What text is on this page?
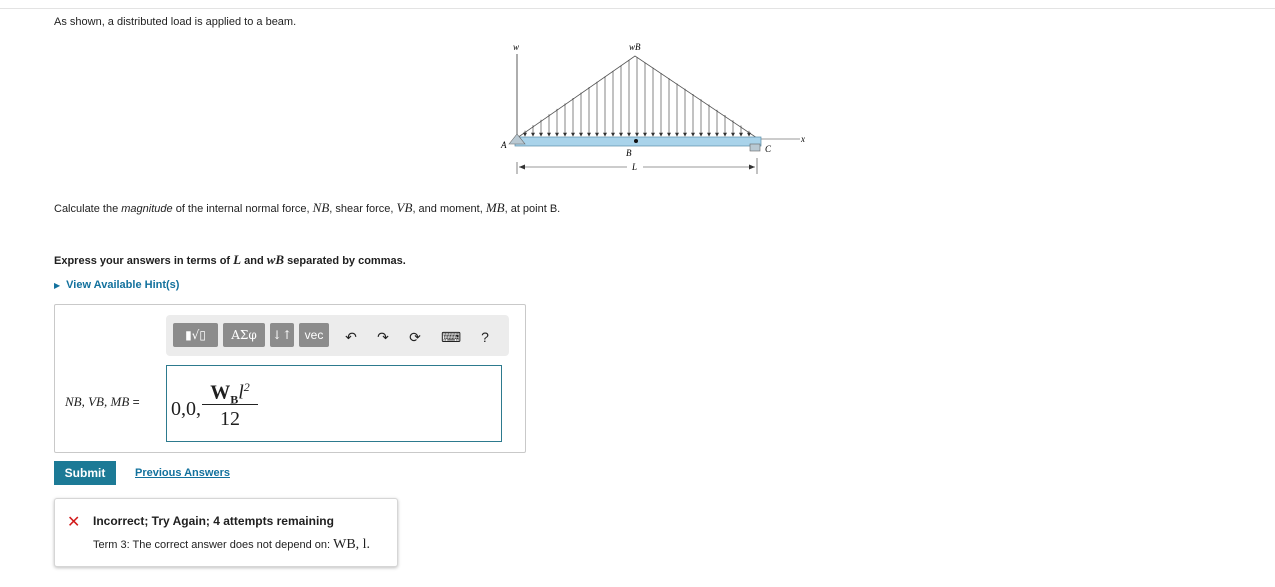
As shown, a distributed load is applied to a beam.
w	wB
x
A	C
B
L
Calculate the magnitude of the internal normal force, NB, shear force, VB, and moment, MB, at point B.
Express your answers in terms of L and wB separated by commas.
▶ View Available Hint(s)
▮√▯	ΑΣφ	↓↑	vec	↶ ↷ ⟳ ⌨	?
NB, VB, MB = 0,0,
$W_Bl^2$
12
Submit	Previous Answers
✕ Incorrect; Try Again; 4 attempts remaining
Term 3: The correct answer does not depend on: WB, l.
